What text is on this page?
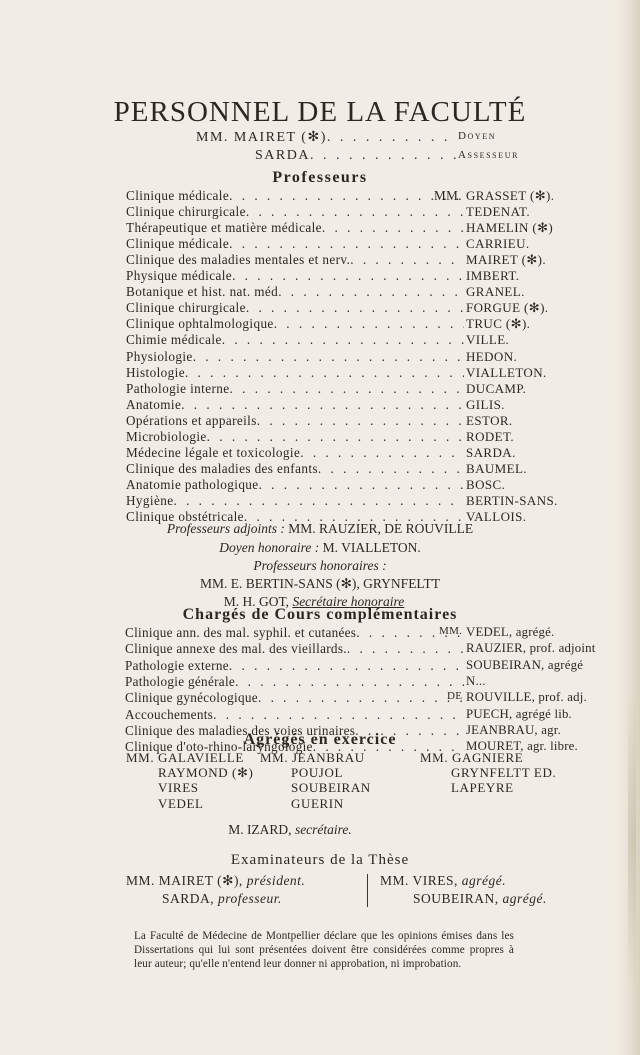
PERSONNEL DE LA FACULTÉ
MM. MAIRET (✻) . . .	Doyen
SARDA . . .	Assesseur
Professeurs
Clinique médicale . . .	MM. GRASSET (✻).
Clinique chirurgicale . . .	TEDENAT.
Thérapeutique et matière médicale . . .	HAMELIN (✻)
Clinique médicale . . .	CARRIEU.
Clinique des maladies mentales et nerv. . . .	MAIRET (✻).
Physique médicale . . .	IMBERT.
Botanique et hist. nat. méd . . .	GRANEL.
Clinique chirurgicale . . .	FORGUE (✻).
Clinique ophtalmologique . . .	TRUC (✻).
Chimie médicale . . .	VILLE.
Physiologie . . .	HEDON.
Histologie . . .	VIALLETON.
Pathologie interne . . .	DUCAMP.
Anatomie . . .	GILIS.
Opérations et appareils . . .	ESTOR.
Microbiologie . . .	RODET.
Médecine légale et toxicologie . . .	SARDA.
Clinique des maladies des enfants . . .	BAUMEL.
Anatomie pathologique . . .	BOSC.
Hygiène . . .	BERTIN-SANS.
Clinique obstétricale . . .	VALLOIS.
Professeurs adjoints : MM. RAUZIER, DE ROUVILLE
Doyen honoraire : M. VIALLETON.
Professeurs honoraires :
MM. E. BERTIN-SANS (✻), GRYNFELTT
M. H. GOT, Secrétaire honoraire
Chargés de Cours complémentaires
Clinique ann. des mal. syphil. et cutanées . . .	MM. VEDEL, agrégé.
Clinique annexe des mal. des vieillards. . . .	RAUZIER, prof. adjoint
Pathologie externe . . .	SOUBEIRAN, agrégé
Pathologie générale . . .	N...
Clinique gynécologique . . .	DE ROUVILLE, prof. adj.
Accouchements . . .	PUECH, agrégé lib.
Clinique des maladies des voies urinaires . . .	JEANBRAU, agr.
Clinique d'oto-rhino-laryngologie . . .	MOURET, agr. libre.
Agrégés en exercice
MM. GALAVIELLE
RAYMOND (✻)
VIRES
VEDEL
MM. JEANBRAU
POUJOL
SOUBEIRAN
GUERIN
MM. GAGNIERE
GRYNFELTT ED.
LAPEYRE
M. IZARD, secrétaire.
Examinateurs de la Thèse
MM. MAIRET (✻), président.
SARDA, professeur.
MM. VIRES, agrégé.
SOUBEIRAN, agrégé.

La Faculté de Médecine de Montpellier déclare que les opinions émises dans les Dissertations qui lui sont présentées doivent être considérées comme propres à leur auteur; qu'elle n'entend leur donner ni approbation, ni improbation.
